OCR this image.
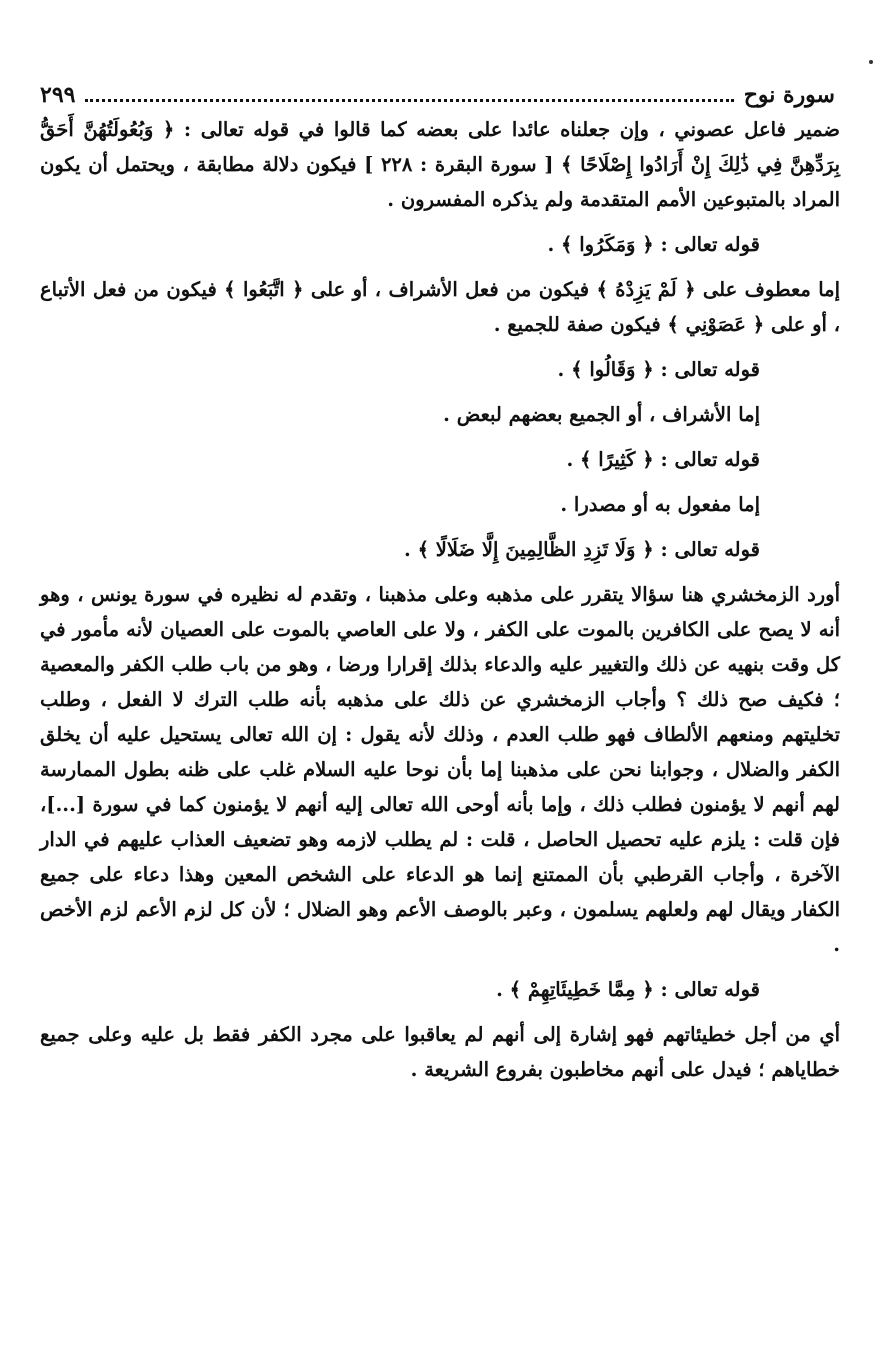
سورة نوح
٢٩٩

ضمير فاعل عصوني ، وإن جعلناه عائدا على بعضه كما قالوا في قوله تعالى : ﴿ وَبُعُولَتُهُنَّ أَحَقُّ بِرَدِّهِنَّ فِي ذَٰلِكَ إِنْ أَرَادُوا إِصْلَاحًا ﴾ [ سورة البقرة : ٢٢٨ ] فيكون دلالة مطابقة ، ويحتمل أن يكون المراد بالمتبوعين الأمم المتقدمة ولم يذكره المفسرون .

قوله تعالى : ﴿ وَمَكَرُوا ﴾ .

إما معطوف على ﴿ لَمْ يَزِدْهُ ﴾ فيكون من فعل الأشراف ، أو على ﴿ اتَّبَعُوا ﴾ فيكون من فعل الأتباع ، أو على ﴿ عَصَوْنِي ﴾ فيكون صفة للجميع .

قوله تعالى : ﴿ وَقَالُوا ﴾ .

إما الأشراف ، أو الجميع بعضهم لبعض .

قوله تعالى : ﴿ كَثِيرًا ﴾ .

إما مفعول به أو مصدرا .

قوله تعالى : ﴿ وَلَا تَزِدِ الظَّالِمِينَ إِلَّا ضَلَالًا ﴾ .

أورد الزمخشري هنا سؤالا يتقرر على مذهبه وعلى مذهبنا ، وتقدم له نظيره في سورة يونس ، وهو أنه لا يصح على الكافرين بالموت على الكفر ، ولا على العاصي بالموت على العصيان لأنه مأمور في كل وقت بنهيه عن ذلك والتغيير عليه والدعاء بذلك إقرارا ورضا ، وهو من باب طلب الكفر والمعصية ؛ فكيف صح ذلك ؟ وأجاب الزمخشري عن ذلك على مذهبه بأنه طلب الترك لا الفعل ، وطلب تخليتهم ومنعهم الألطاف فهو طلب العدم ، وذلك لأنه يقول : إن الله تعالى يستحيل عليه أن يخلق الكفر والضلال ، وجوابنا نحن على مذهبنا إما بأن نوحا عليه السلام غلب على ظنه بطول الممارسة لهم أنهم لا يؤمنون فطلب ذلك ، وإما بأنه أوحى الله تعالى إليه أنهم لا يؤمنون كما في سورة [...]، فإن قلت : يلزم عليه تحصيل الحاصل ، قلت : لم يطلب لازمه وهو تضعيف العذاب عليهم في الدار الآخرة ، وأجاب القرطبي بأن الممتنع إنما هو الدعاء على الشخص المعين وهذا دعاء على جميع الكفار ويقال لهم ولعلهم يسلمون ، وعبر بالوصف الأعم وهو الضلال ؛ لأن كل لزم الأعم لزم الأخص .

قوله تعالى : ﴿ مِمَّا خَطِيئَاتِهِمْ ﴾ .

أي من أجل خطيئاتهم فهو إشارة إلى أنهم لم يعاقبوا على مجرد الكفر فقط بل عليه وعلى جميع خطاياهم ؛ فيدل على أنهم مخاطبون بفروع الشريعة .
